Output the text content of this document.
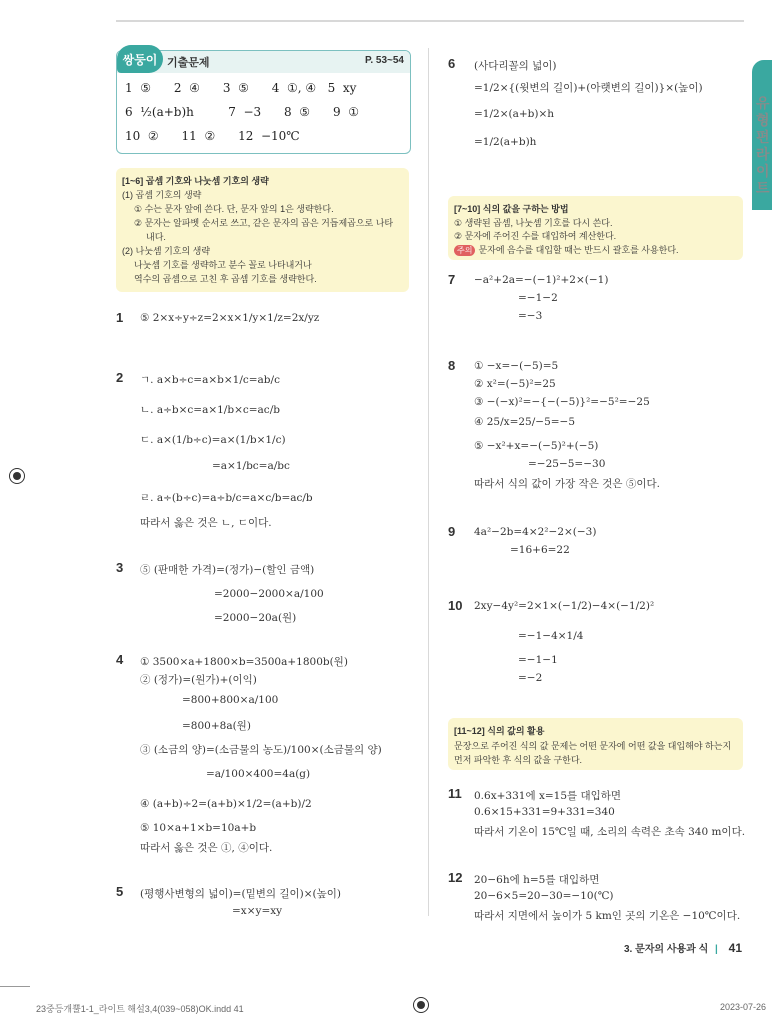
유형편 라이트
쌍둥이 기출문제	P. 53~54
1  ⑤      2  ④      3  ⑤      4  ①, ④   5  xy
6  ½(a+b)h         7  −3      8  ⑤      9  ①
10  ②      11  ②      12  −10℃
[1~6] 곱셈 기호와 나눗셈 기호의 생략
(1) 곱셈 기호의 생략
① 수는 문자 앞에 쓴다. 단, 문자 앞의 1은 생략한다.
② 문자는 알파벳 순서로 쓰고, 같은 문자의 곱은 거듭제곱으로 나타
내다.
(2) 나눗셈 기호의 생략
나눗셈 기호를 생략하고 분수 꼴로 나타내거나
역수의 곱셈으로 고친 후 곱셈 기호를 생략한다.
1 ⑤ 2×x÷y÷z=2×x×1/y×1/z=2x/yz
2 ㄱ. a×b÷c=a×b×1/c=ab/c
ㄴ. a÷b×c=a×1/b×c=ac/b
ㄷ. a×(1/b÷c)=a×(1/b×1/c)
=a×1/bc=a/bc
ㄹ. a÷(b÷c)=a÷b/c=a×c/b=ac/b
따라서 옳은 것은 ㄴ, ㄷ이다.
3 ⑤ (판매한 가격)=(정가)−(할인 금액)
=2000−2000×a/100
=2000−20a(원)
4 ① 3500×a+1800×b=3500a+1800b(원)
② (정가)=(원가)+(이익)
=800+800×a/100
=800+8a(원)
③ (소금의 양)=(소금물의 농도)/100×(소금물의 양)
=a/100×400=4a(g)
④ (a+b)÷2=(a+b)×1/2=(a+b)/2
⑤ 10×a+1×b=10a+b
따라서 옳은 것은 ①, ④이다.
5 (평행사변형의 넓이)=(밑변의 길이)×(높이)
=x×y=xy
6 (사다리꼴의 넓이)
=1/2×{(윗변의 길이)+(아랫변의 길이)}×(높이)
=1/2×(a+b)×h
=1/2(a+b)h
[7~10] 식의 값을 구하는 방법
① 생략된 곱셈, 나눗셈 기호를 다시 쓴다.
② 문자에 주어진 수를 대입하여 계산한다.
주의 문자에 음수를 대입할 때는 반드시 괄호를 사용한다.
7 −a²+2a=−(−1)²+2×(−1)
=−1−2
=−3
8 ① −x=−(−5)=5
② x²=(−5)²=25
③ −(−x)²=−{−(−5)}²=−5²=−25
④ 25/x=25/−5=−5
⑤ −x²+x=−(−5)²+(−5)
=−25−5=−30
따라서 식의 값이 가장 작은 것은 ⑤이다.
9 4a²−2b=4×2²−2×(−3)
=16+6=22
10 2xy−4y²=2×1×(−1/2)−4×(−1/2)²
=−1−4×1/4
=−1−1
=−2
[11~12] 식의 값의 활용
문장으로 주어진 식의 값 문제는 어떤 문자에 어떤 값을 대입해야 하는지
먼저 파악한 후 식의 값을 구한다.
11 0.6x+331에 x=15를 대입하면
0.6×15+331=9+331=340
따라서 기온이 15℃일 때, 소리의 속력은 초속 340 m이다.
12 20−6h에 h=5를 대입하면
20−6×5=20−30=−10(℃)
따라서 지면에서 높이가 5 km인 곳의 기온은 −10℃이다.
3. 문자의 사용과 식 | 41
23중등개뿔1-1_라이트 해설3,4(039~058)OK.indd 41	2023-07-26
